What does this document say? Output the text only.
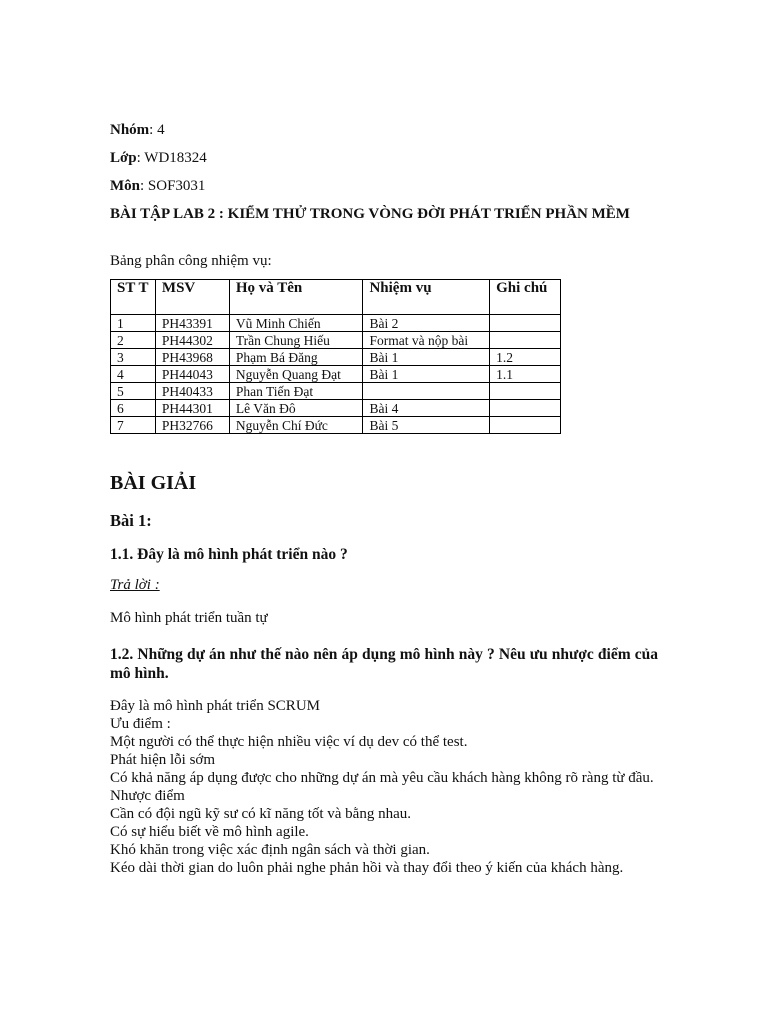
Nhóm: 4
Lớp: WD18324
Môn: SOF3031
BÀI TẬP LAB 2 : KIỂM THỬ TRONG VÒNG ĐỜI PHÁT TRIỂN PHẦN MỀM
Bảng phân công nhiệm vụ:
ST T	MSV	Họ và Tên	Nhiệm vụ	Ghi chú
1	PH43391	Vũ Minh Chiến	Bài 2	
2	PH44302	Trần Chung Hiếu	Format và nộp bài	
3	PH43968	Phạm Bá Đăng	Bài 1	1.2
4	PH44043	Nguyễn Quang Đạt	Bài 1	1.1
5	PH40433	Phan Tiến Đạt		
6	PH44301	Lê Văn Đô	Bài 4	
7	PH32766	Nguyễn Chí Đức	Bài 5	
BÀI GIẢI
Bài 1:
1.1. Đây là mô hình phát triển nào ?
Trả lời :
Mô hình phát triển tuần tự
1.2. Những dự án như thế nào nên áp dụng mô hình này ? Nêu ưu nhược điểm của mô hình.

Đây là mô hình phát triển SCRUM

Ưu điểm :

Một người có thể thực hiện nhiều việc ví dụ dev có thể test.

Phát hiện lỗi sớm

Có khả năng áp dụng được cho những dự án mà yêu cầu khách hàng không rõ ràng từ đầu.

Nhược điểm

Cần có đội ngũ kỹ sư có kĩ năng tốt và bằng nhau.

Có sự hiểu biết về mô hình agile.

Khó khăn trong việc xác định ngân sách và thời gian.

Kéo dài thời gian do luôn phải nghe phản hồi và thay đổi theo ý kiến của khách hàng.
